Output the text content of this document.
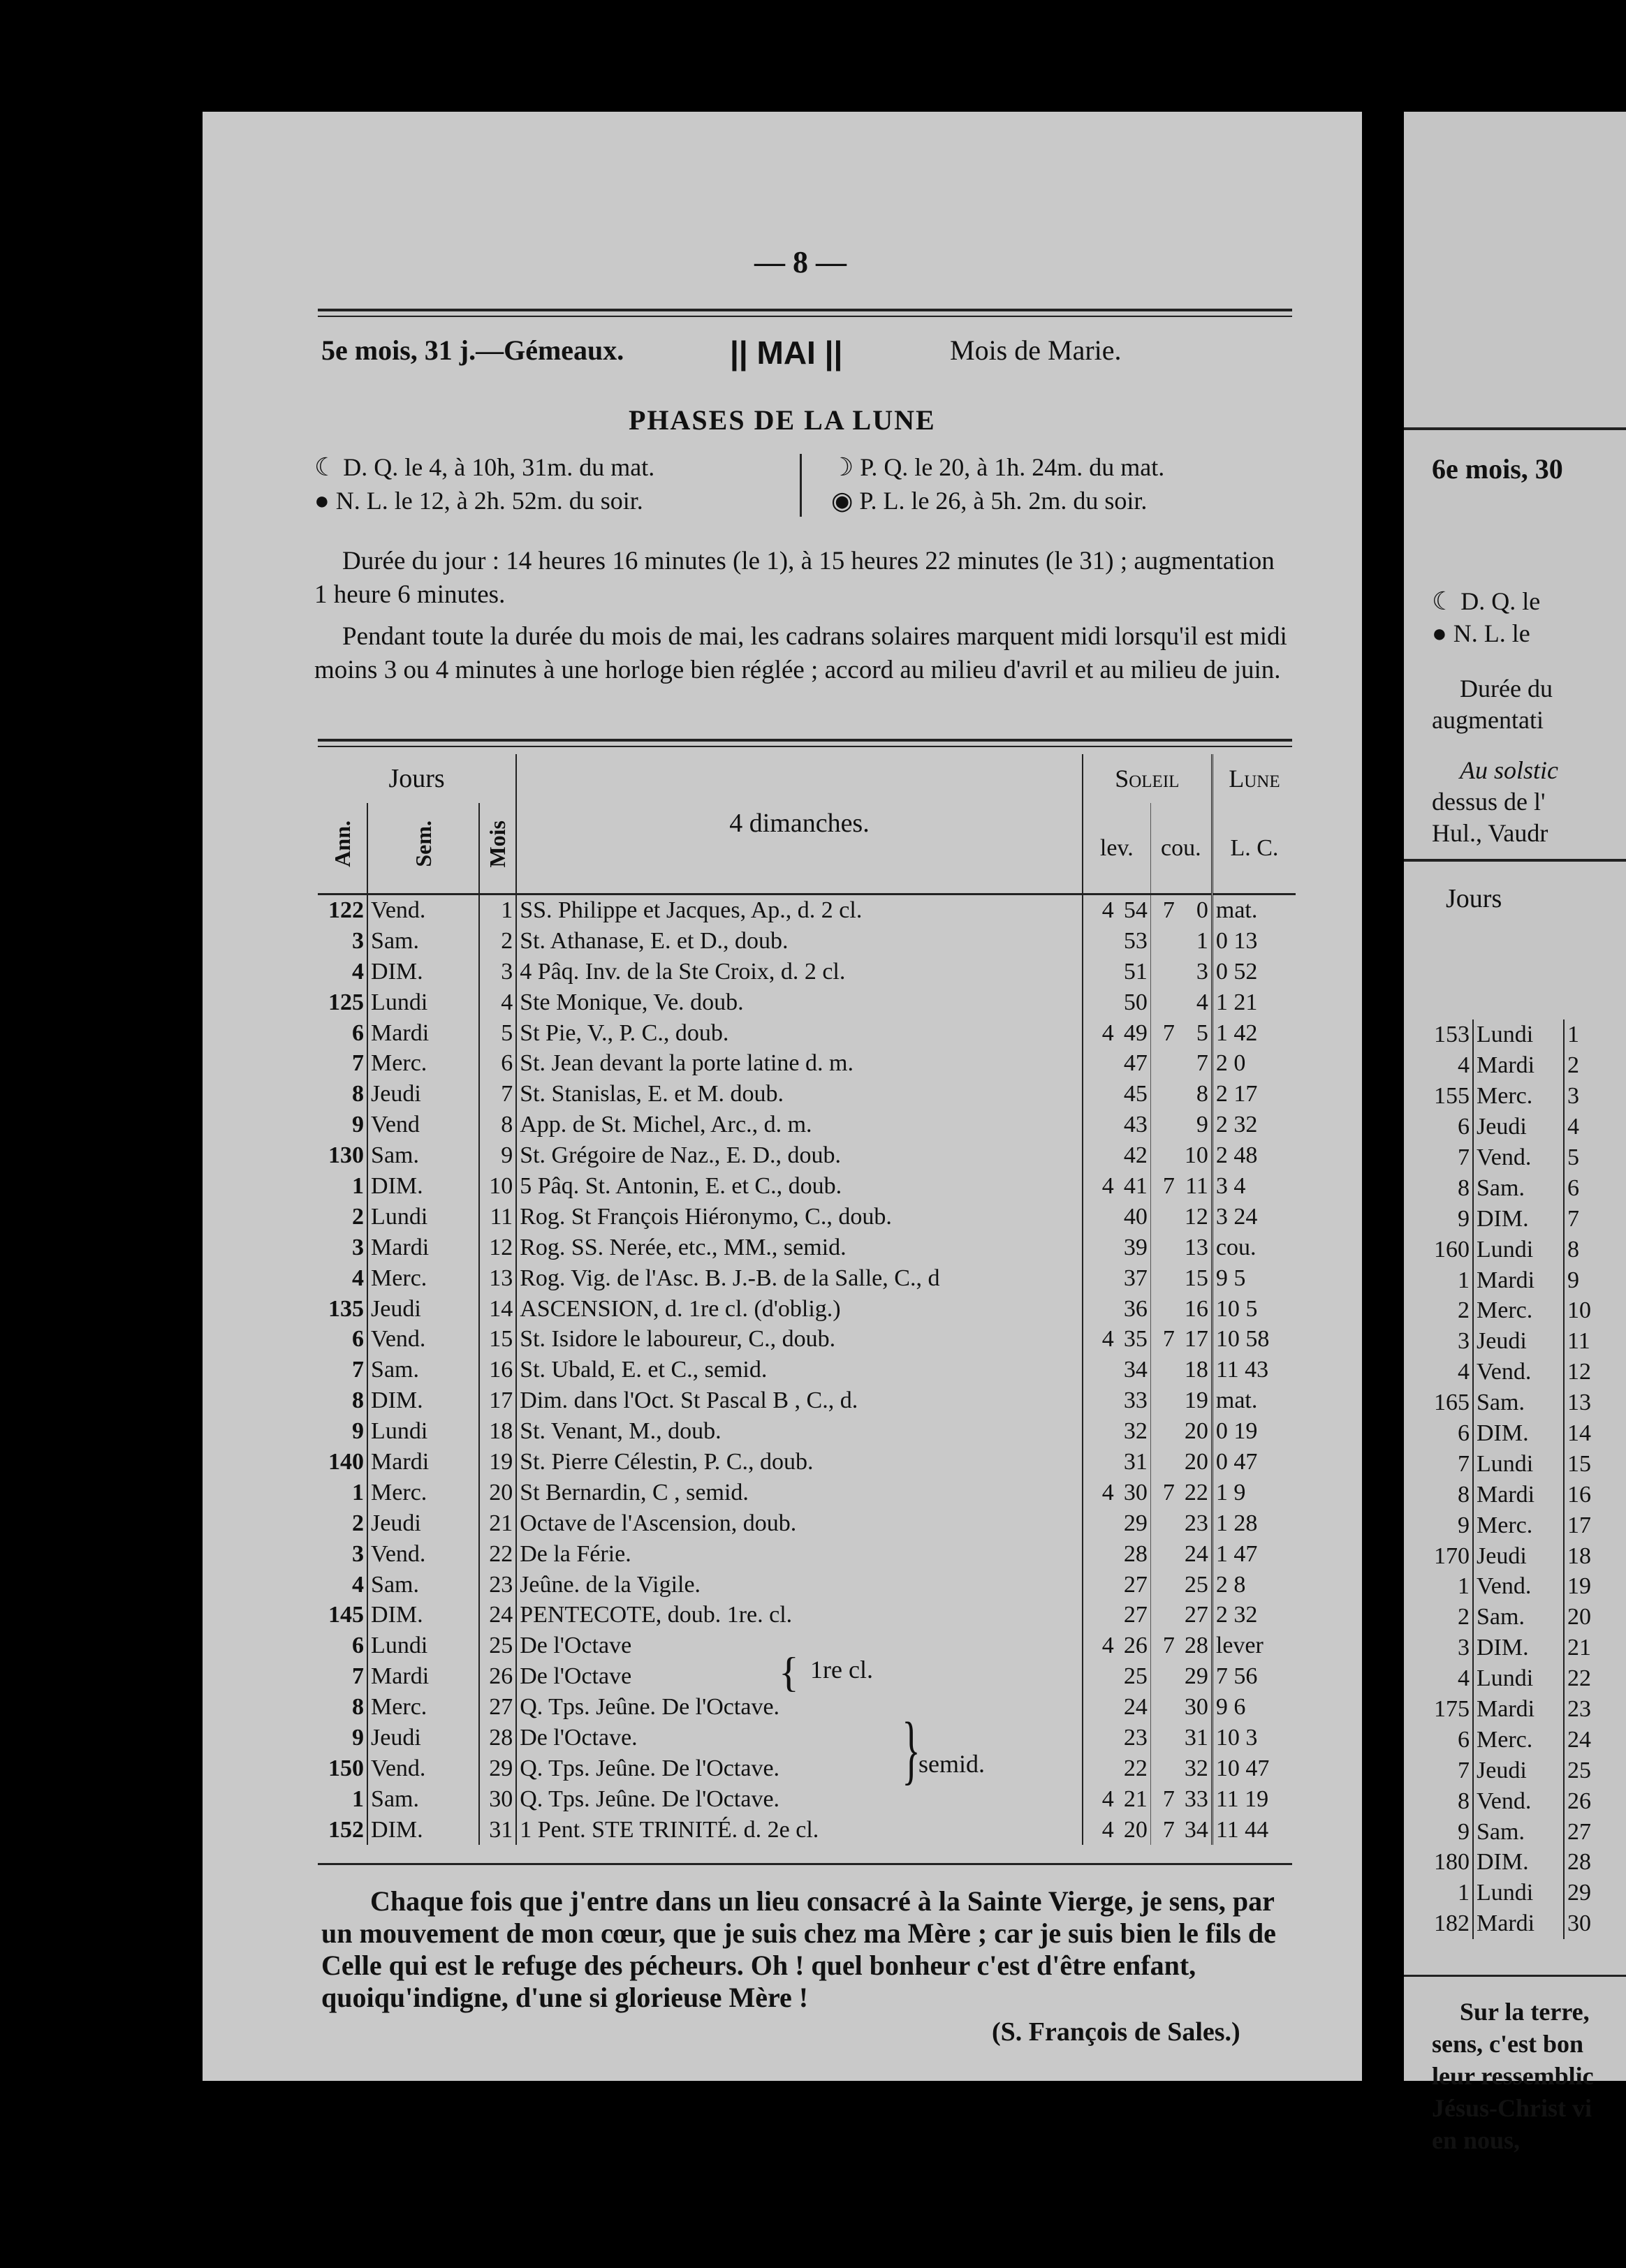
— 8 —
5e mois, 31 j.—Gémeaux.	|| MAI ||	Mois de Marie.
PHASES DE LA LUNE
☾ D. Q. le 4, à 10h, 31m. du mat.
● N. L. le 12, à 2h. 52m. du soir.
☽ P. Q. le 20, à 1h. 24m. du mat.
◉ P. L. le 26, à 5h. 2m. du soir.
Durée du jour : 14 heures 16 minutes (le 1), à 15 heures 22 minutes (le 31) ; augmentation 1 heure 6 minutes.
Pendant toute la durée du mois de mai, les cadrans solaires marquent midi lorsqu'il est midi moins 3 ou 4 minutes à une horloge bien réglée ; accord au milieu d'avril et au milieu de juin.
Jours			4 dimanches.	Soleil				Lune
Ann.	Sem.	Mois		lev.		cou.		L. C.
122	Vend.	1	SS. Philippe et Jacques, Ap., d. 2 cl.	4	54	7	0	mat.
3	Sam.	2	St. Athanase, E. et D., doub.		53		1	0 13
4	DIM.	3	4 Pâq. Inv. de la Ste Croix, d. 2 cl.		51		3	0 52
125	Lundi	4	Ste Monique, Ve. doub.		50		4	1 21
6	Mardi	5	St Pie, V., P. C., doub.	4	49	7	5	1 42
7	Merc.	6	St. Jean devant la porte latine d. m.		47		7	2 0
8	Jeudi	7	St. Stanislas, E. et M. doub.		45		8	2 17
9	Vend	8	App. de St. Michel, Arc., d. m.		43		9	2 32
130	Sam.	9	St. Grégoire de Naz., E. D., doub.		42		10	2 48
1	DIM.	10	5 Pâq. St. Antonin, E. et C., doub.	4	41	7	11	3 4
2	Lundi	11	Rog. St François Hiéronymo, C., doub.		40		12	3 24
3	Mardi	12	Rog. SS. Nerée, etc., MM., semid.		39		13	cou.
4	Merc.	13	Rog. Vig. de l'Asc. B. J.-B. de la Salle, C., d		37		15	9 5
135	Jeudi	14	ASCENSION, d. 1re cl. (d'oblig.)		36		16	10 5
6	Vend.	15	St. Isidore le laboureur, C., doub.	4	35	7	17	10 58
7	Sam.	16	St. Ubald, E. et C., semid.		34		18	11 43
8	DIM.	17	Dim. dans l'Oct. St Pascal B , C., d.		33		19	mat.
9	Lundi	18	St. Venant, M., doub.		32		20	0 19
140	Mardi	19	St. Pierre Célestin, P. C., doub.		31		20	0 47
1	Merc.	20	St Bernardin, C , semid.	4	30	7	22	1 9
2	Jeudi	21	Octave de l'Ascension, doub.		29		23	1 28
3	Vend.	22	De la Férie.		28		24	1 47
4	Sam.	23	Jeûne. de la Vigile.		27		25	2 8
145	DIM.	24	PENTECOTE, doub. 1re. cl.		27		27	2 32
6	Lundi	25	De l'Octave	4	26	7	28	lever
7	Mardi	26	De l'Octave		25		29	7 56
8	Merc.	27	Q. Tps. Jeûne. De l'Octave.		24		30	9 6
9	Jeudi	28	De l'Octave.		23		31	10 3
150	Vend.	29	Q. Tps. Jeûne. De l'Octave.		22		32	10 47
1	Sam.	30	Q. Tps. Jeûne. De l'Octave.	4	21	7	33	11 19
152	DIM.	31	1 Pent. STE TRINITÉ. d. 2e cl.	4	20	7	34	11 44
{ 1re cl.
}
semid.
Chaque fois que j'entre dans un lieu consacré à la Sainte Vierge, je sens, par un mouvement de mon cœur, que je suis chez ma Mère ; car je suis bien le fils de Celle qui est le refuge des pécheurs. Oh ! quel bonheur c'est d'être enfant, quoiqu'indigne, d'une si glorieuse Mère !
(S. François de Sales.)
6e mois, 30
☾ D. Q. le
● N. L. le
Durée du
augmentati
Au solstic
dessus de l'
Hul., Vaudr
Jours
153	Lundi	1
4	Mardi	2
155	Merc.	3
6	Jeudi	4
7	Vend.	5
8	Sam.	6
9	DIM.	7
160	Lundi	8
1	Mardi	9
2	Merc.	10
3	Jeudi	11
4	Vend.	12
165	Sam.	13
6	DIM.	14
7	Lundi	15
8	Mardi	16
9	Merc.	17
170	Jeudi	18
1	Vend.	19
2	Sam.	20
3	DIM.	21
4	Lundi	22
175	Mardi	23
6	Merc.	24
7	Jeudi	25
8	Vend.	26
9	Sam.	27
180	DIM.	28
1	Lundi	29
182	Mardi	30
Sur la terre,
sens, c'est bon
leur ressemblic
Jésus-Christ vi
en nous,
